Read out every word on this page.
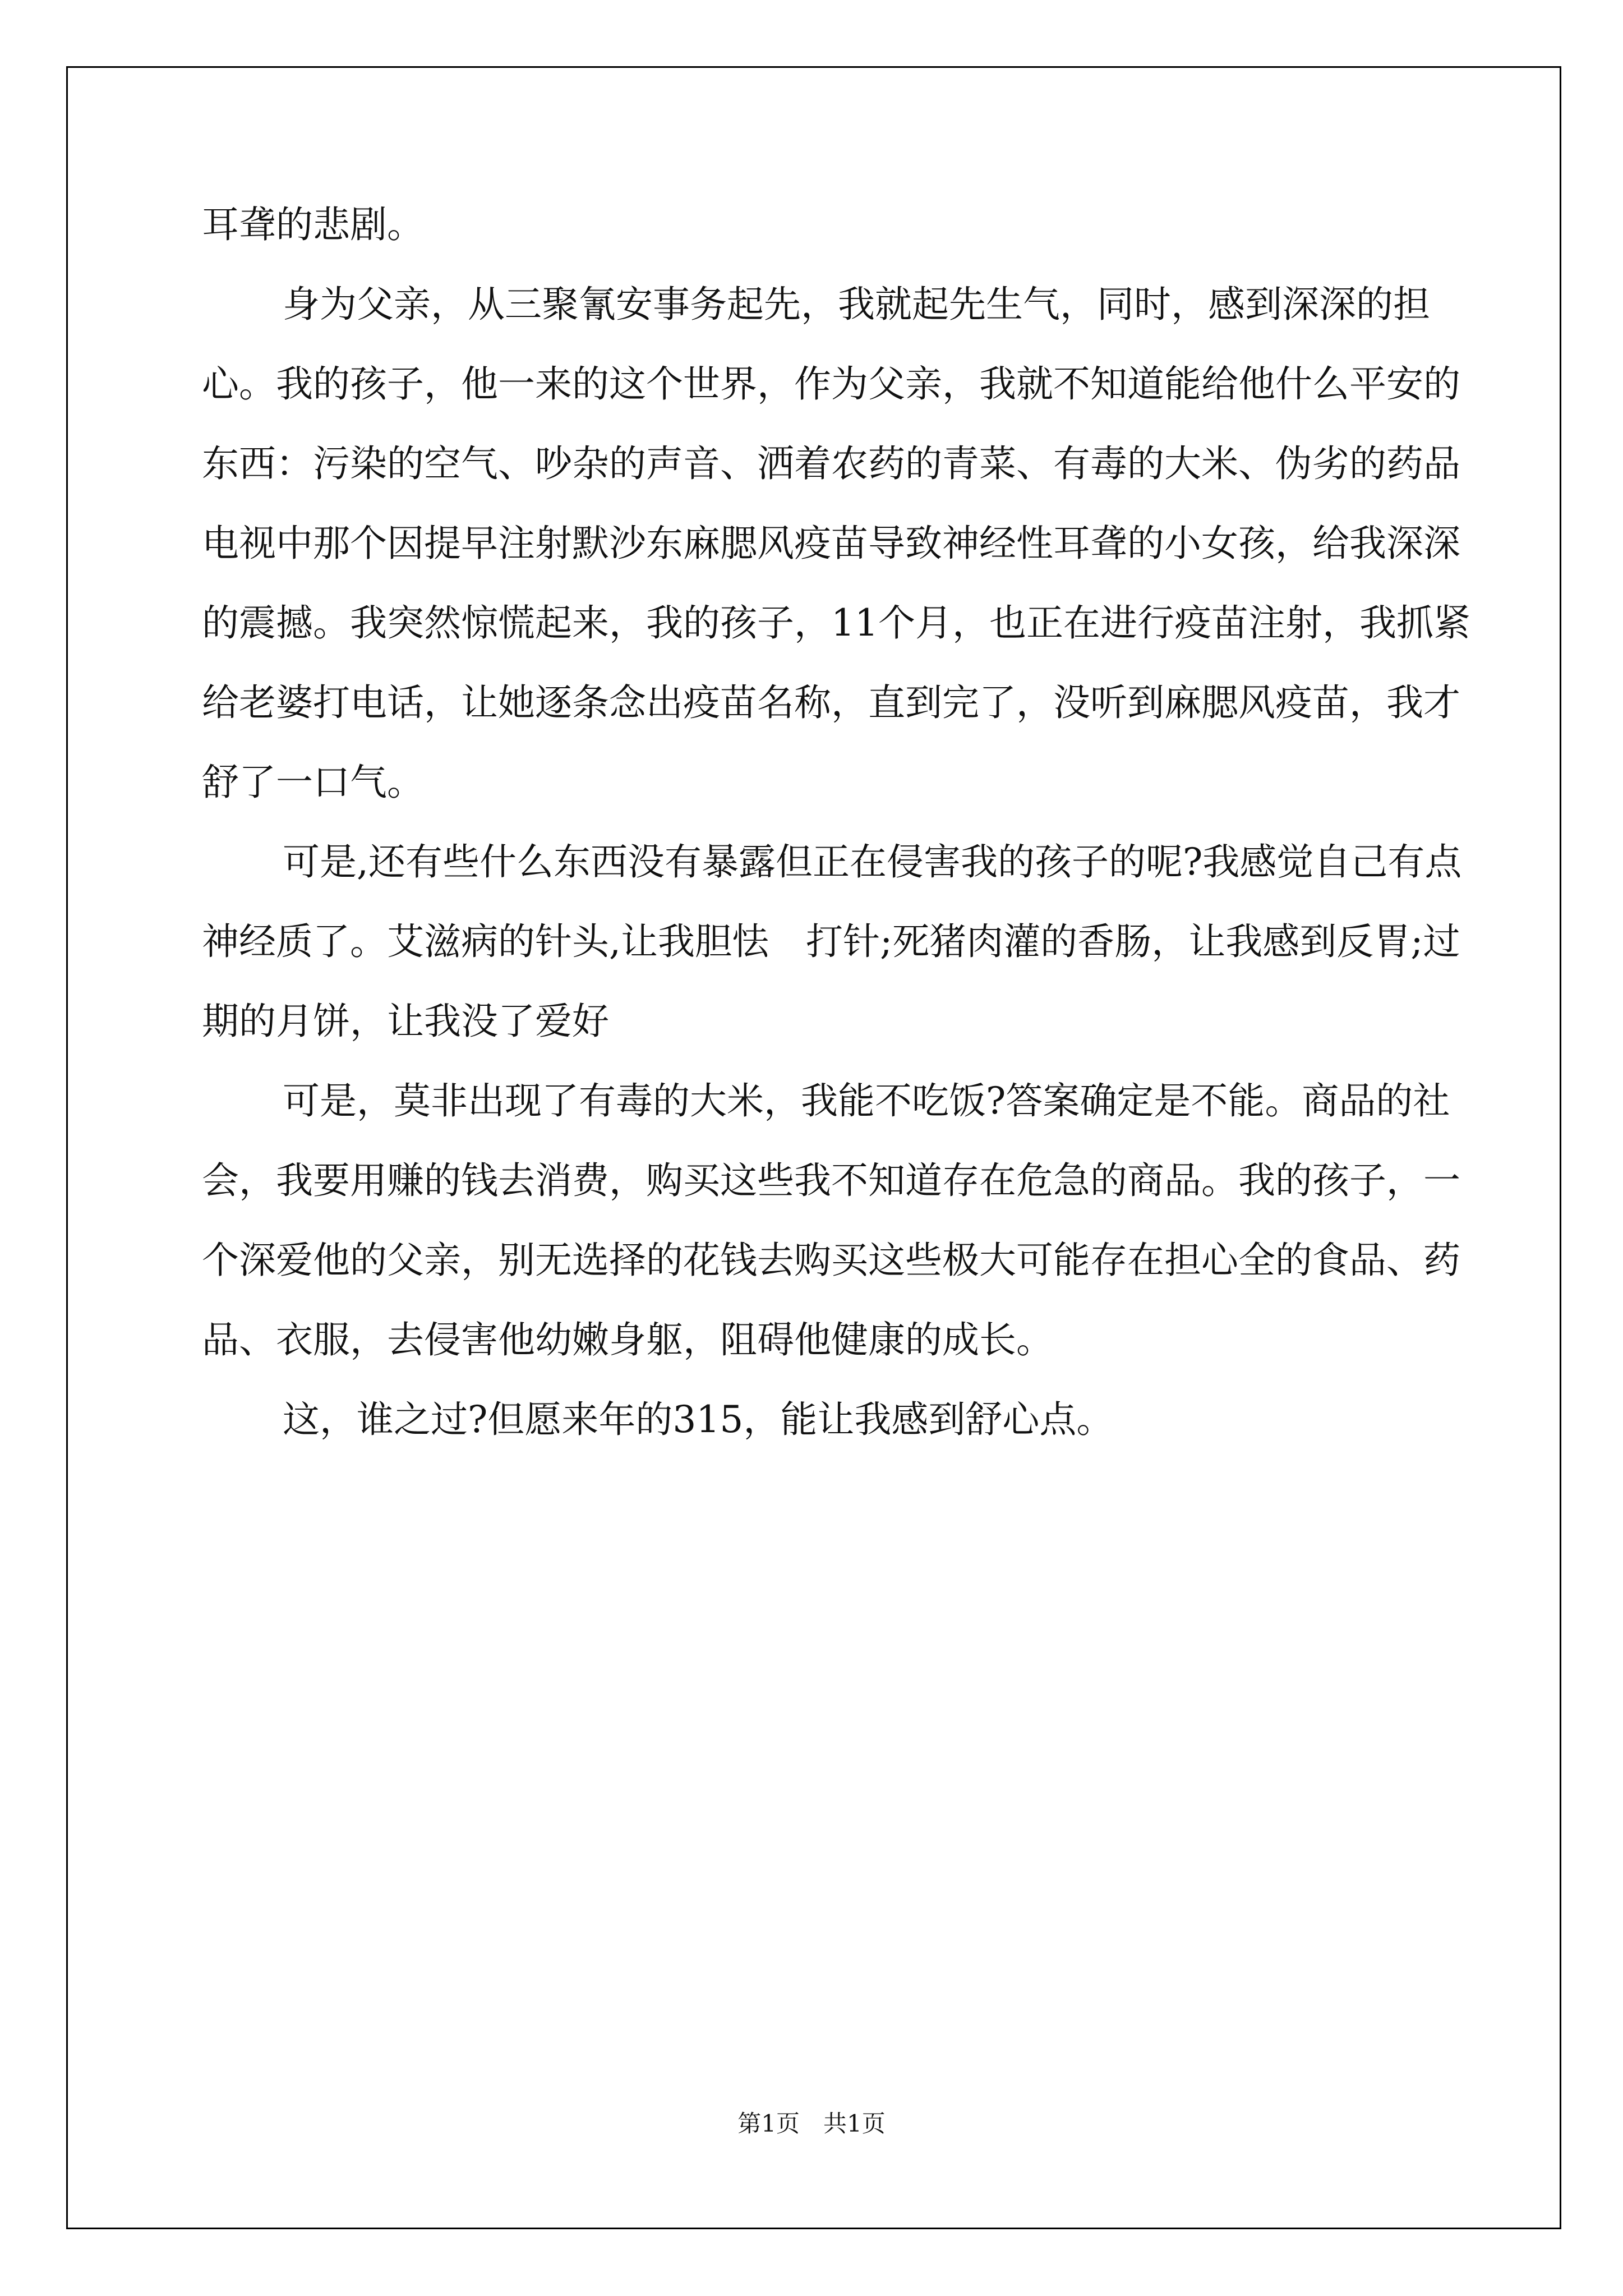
耳聋的悲剧。

身为父亲，从三聚氰安事务起先，我就起先生气，同时，感到深深的担心。我的孩子，他一来的这个世界，作为父亲，我就不知道能给他什么平安的东西：污染的空气、吵杂的声音、洒着农药的青菜、有毒的大米、伪劣的药品电视中那个因提早注射默沙东麻腮风疫苗导致神经性耳聋的小女孩，给我深深的震撼。我突然惊慌起来，我的孩子，11个月，也正在进行疫苗注射，我抓紧给老婆打电话，让她逐条念出疫苗名称，直到完了，没听到麻腮风疫苗，我才舒了一口气。

可是,还有些什么东西没有暴露但正在侵害我的孩子的呢?我感觉自己有点神经质了。艾滋病的针头,让我胆怯　打针;死猪肉灌的香肠，让我感到反胃;过期的月饼，让我没了爱好

可是，莫非出现了有毒的大米，我能不吃饭?答案确定是不能。商品的社会，我要用赚的钱去消费，购买这些我不知道存在危急的商品。我的孩子，一个深爱他的父亲，别无选择的花钱去购买这些极大可能存在担心全的食品、药品、衣服，去侵害他幼嫩身躯，阻碍他健康的成长。

这，谁之过?但愿来年的315，能让我感到舒心点。

第1页　共1页
